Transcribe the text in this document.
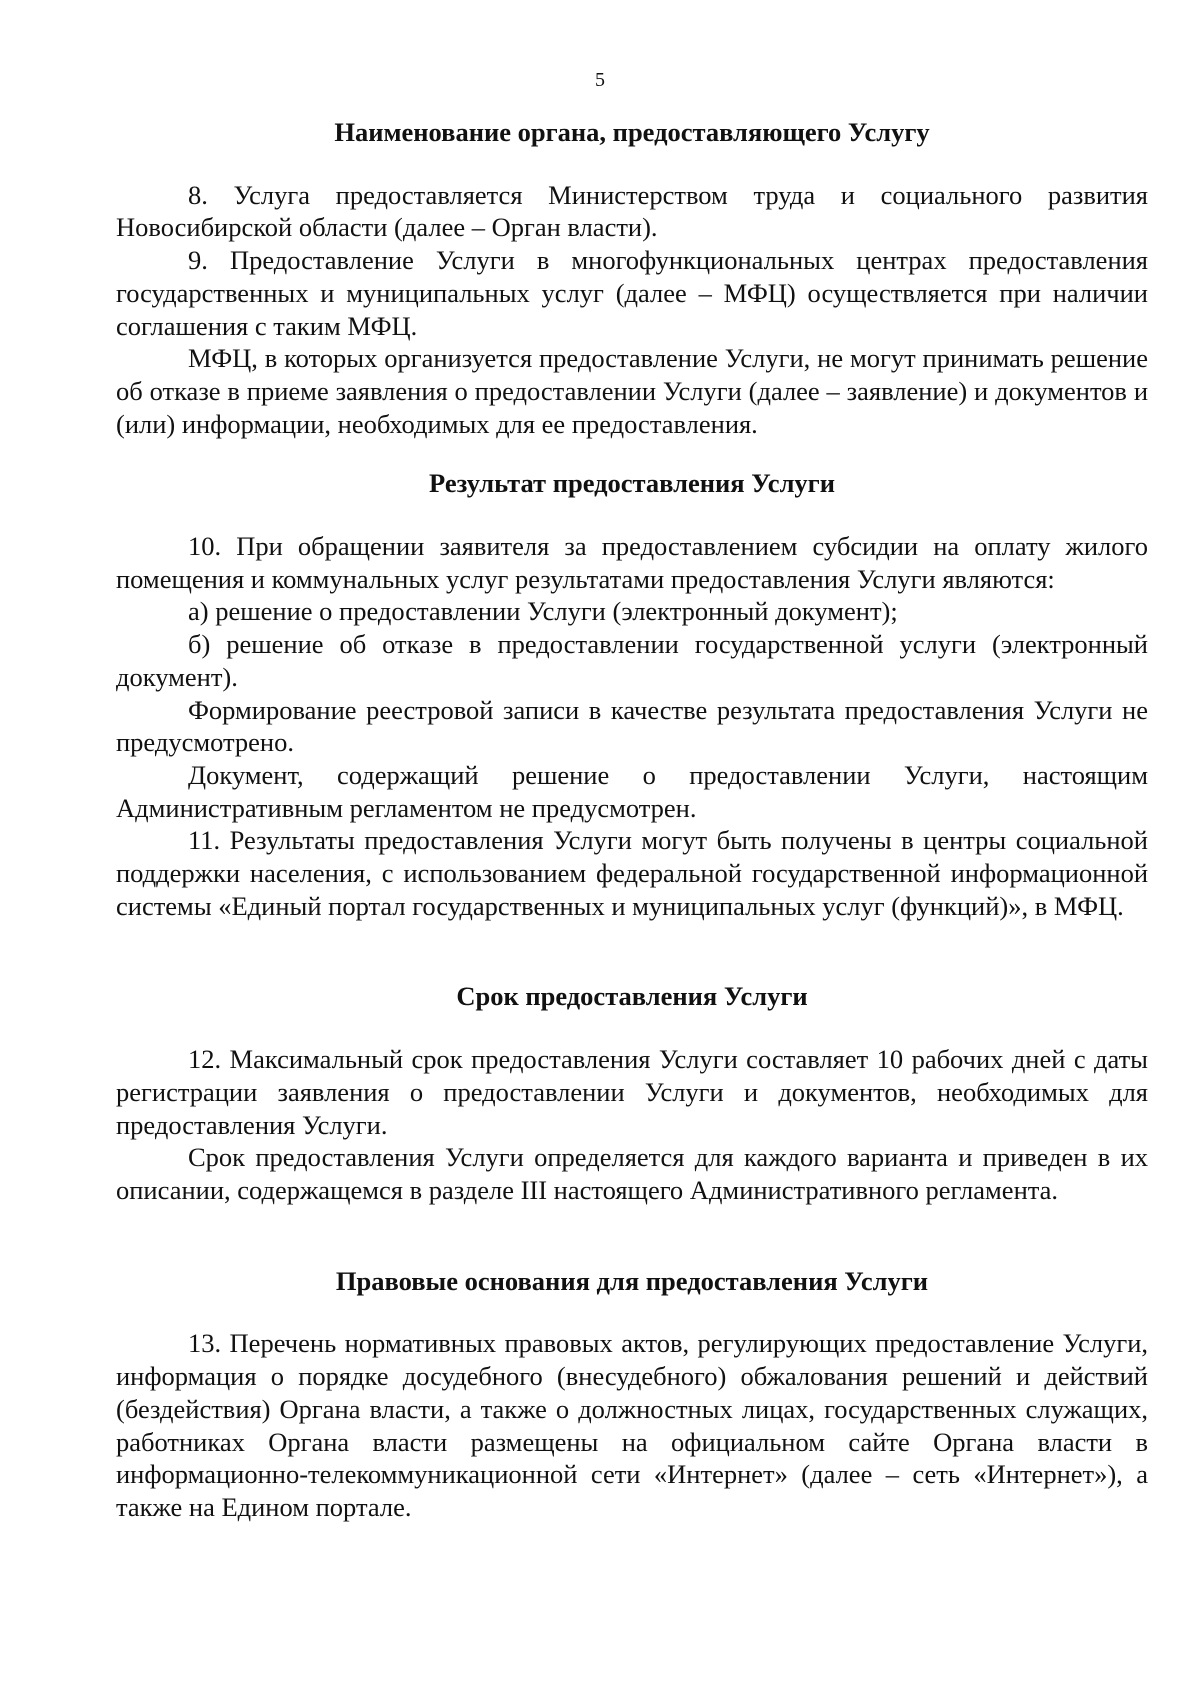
5
Наименование органа, предоставляющего Услугу

8. Услуга предоставляется Министерством труда и социального развития Новосибирской области (далее – Орган власти).

9. Предоставление Услуги в многофункциональных центрах предоставления государственных и муниципальных услуг (далее – МФЦ) осуществляется при наличии соглашения с таким МФЦ.

МФЦ, в которых организуется предоставление Услуги, не могут принимать решение об отказе в приеме заявления о предоставлении Услуги (далее – заявление) и документов и (или) информации, необходимых для ее предоставления.

Результат предоставления Услуги

10. При обращении заявителя за предоставлением субсидии на оплату жилого помещения и коммунальных услуг результатами предоставления Услуги являются:

а) решение о предоставлении Услуги (электронный документ);

б) решение об отказе в предоставлении государственной услуги (электронный документ).

Формирование реестровой записи в качестве результата предоставления Услуги не предусмотрено.

Документ, содержащий решение о предоставлении Услуги, настоящим Административным регламентом не предусмотрен.

11. Результаты предоставления Услуги могут быть получены в центры социальной поддержки населения, с использованием федеральной государственной информационной системы «Единый портал государственных и муниципальных услуг (функций)», в МФЦ.

Срок предоставления Услуги

12. Максимальный срок предоставления Услуги составляет 10 рабочих дней с даты регистрации заявления о предоставлении Услуги и документов, необходимых для предоставления Услуги.

Срок предоставления Услуги определяется для каждого варианта и приведен в их описании, содержащемся в разделе III настоящего Административного регламента.

Правовые основания для предоставления Услуги

13. Перечень нормативных правовых актов, регулирующих предоставление Услуги, информация о порядке досудебного (внесудебного) обжалования решений и действий (бездействия) Органа власти, а также о должностных лицах, государственных служащих, работниках Органа власти размещены на официальном сайте Органа власти в информационно-телекоммуникационной сети «Интернет» (далее – сеть «Интернет»), а также на Едином портале.
